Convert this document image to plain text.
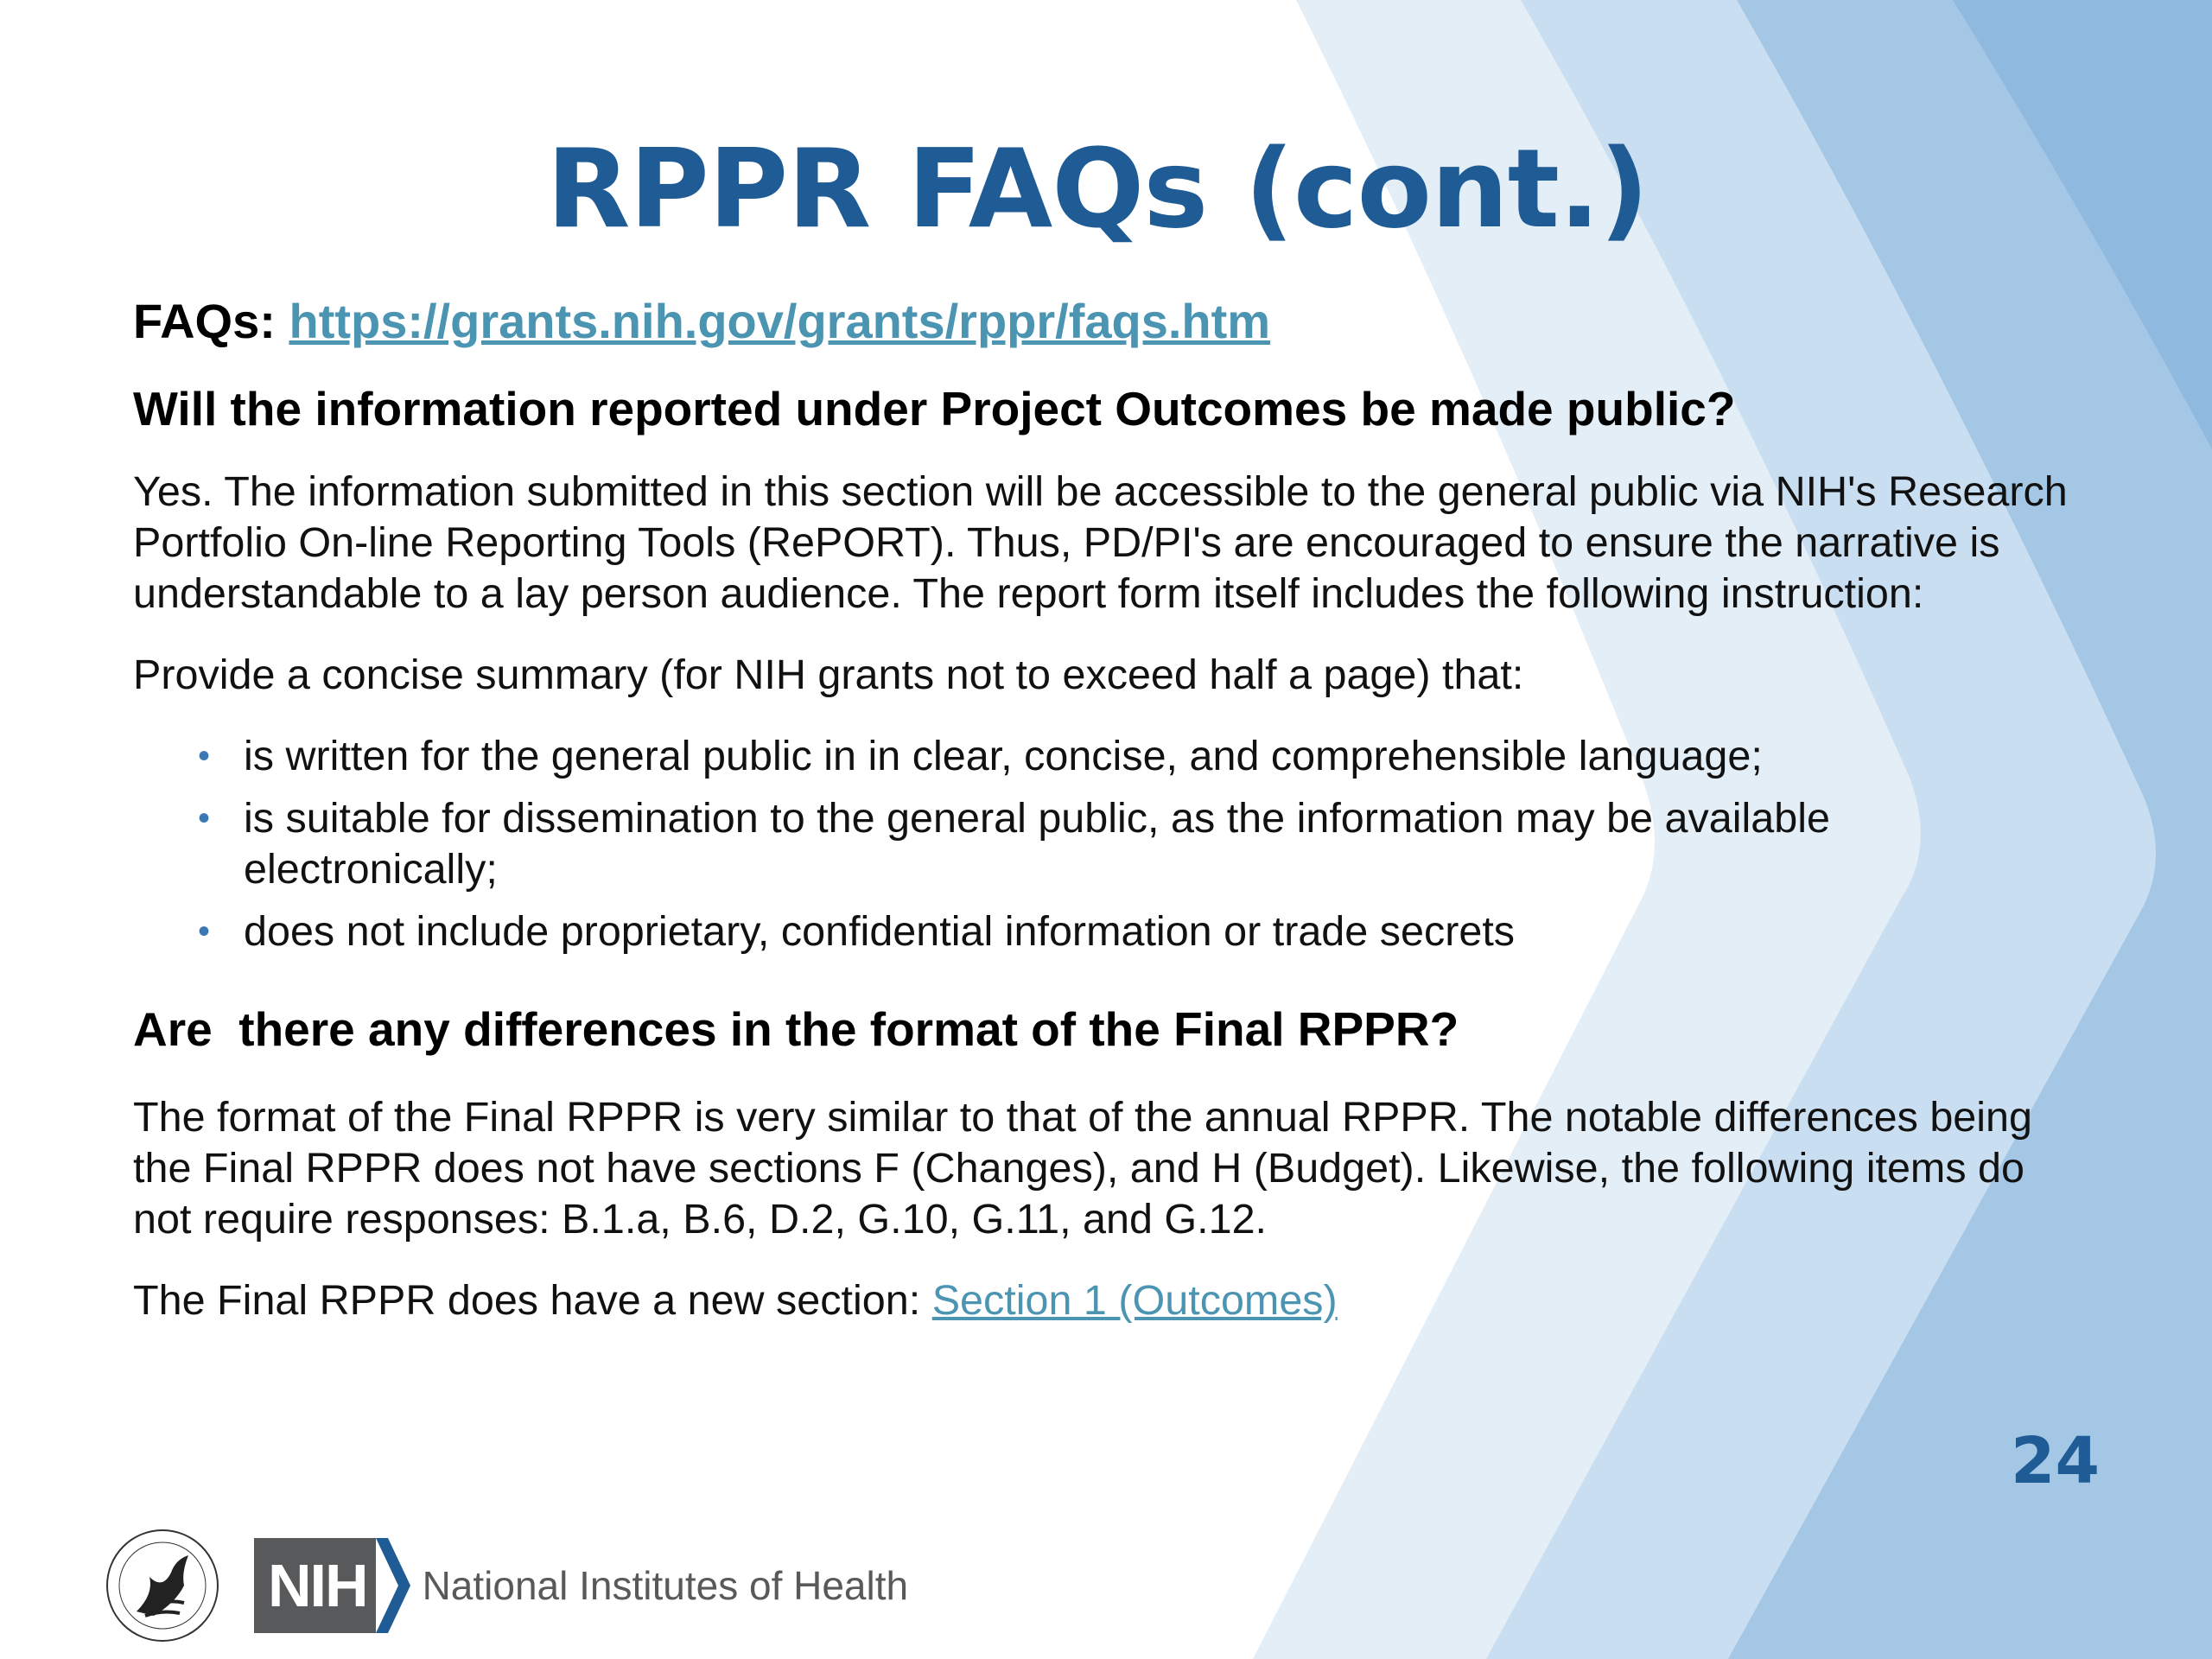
RPPR FAQs (cont.)
FAQs: https://grants.nih.gov/grants/rppr/faqs.htm

Will the information reported under Project Outcomes be made public?

Yes. The information submitted in this section will be accessible to the general public via NIH's Research
Portfolio On-line Reporting Tools (RePORT). Thus, PD/PI's are encouraged to ensure the narrative is
understandable to a lay person audience. The report form itself includes the following instruction:

Provide a concise summary (for NIH grants not to exceed half a page) that:

• is written for the general public in in clear, concise, and comprehensible language;
• is suitable for dissemination to the general public, as the information may be available
electronically;
• does not include proprietary, confidential information or trade secrets

Are  there any differences in the format of the Final RPPR?

The format of the Final RPPR is very similar to that of the annual RPPR. The notable differences being
the Final RPPR does not have sections F (Changes), and H (Budget). Likewise, the following items do
not require responses: B.1.a, B.6, D.2, G.10, G.11, and G.12.

The Final RPPR does have a new section: Section 1 (Outcomes)

24
NIH National Institutes of Health
